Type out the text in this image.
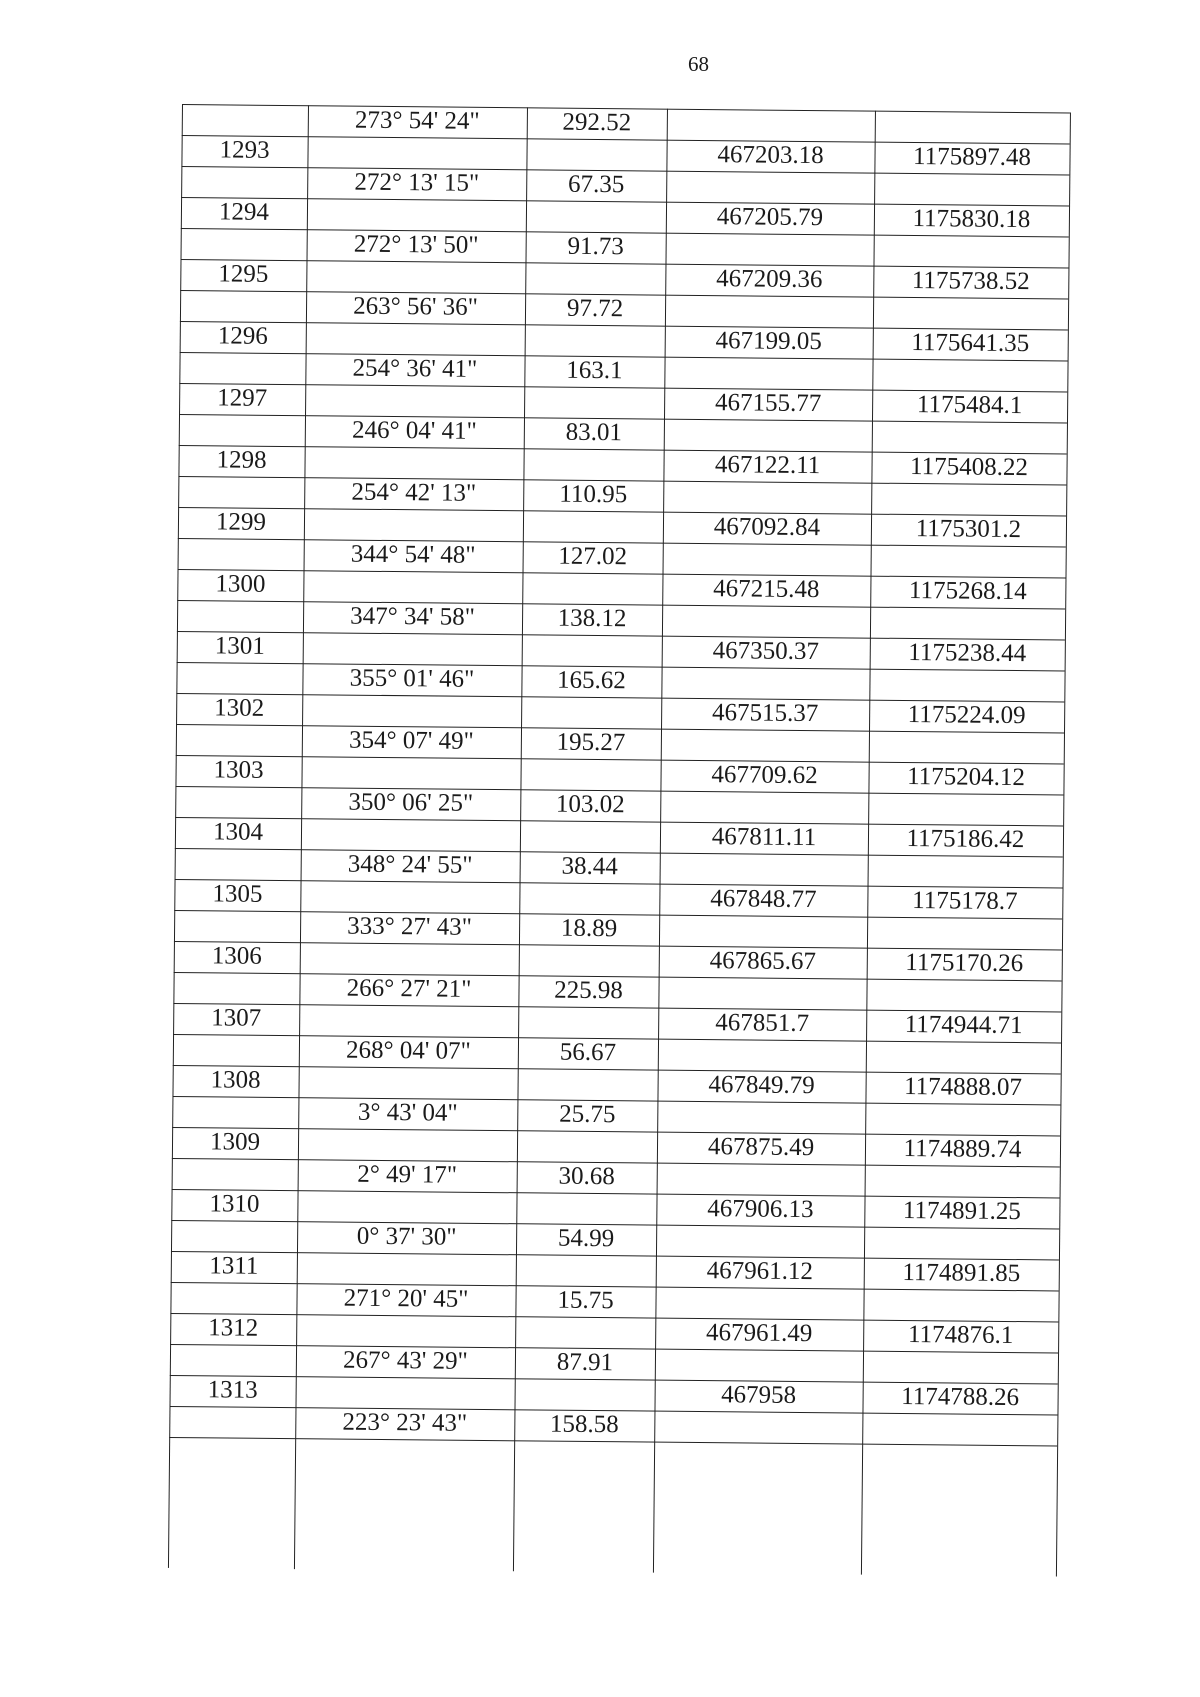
68
273° 54' 24"	292.52
1293	467203.18	1175897.48
272° 13' 15"	67.35
1294	467205.79	1175830.18
272° 13' 50"	91.73
1295	467209.36	1175738.52
263° 56' 36"	97.72
1296	467199.05	1175641.35
254° 36' 41"	163.1
1297	467155.77	1175484.1
246° 04' 41"	83.01
1298	467122.11	1175408.22
254° 42' 13"	110.95
1299	467092.84	1175301.2
344° 54' 48"	127.02
1300	467215.48	1175268.14
347° 34' 58"	138.12
1301	467350.37	1175238.44
355° 01' 46"	165.62
1302	467515.37	1175224.09
354° 07' 49"	195.27
1303	467709.62	1175204.12
350° 06' 25"	103.02
1304	467811.11	1175186.42
348° 24' 55"	38.44
1305	467848.77	1175178.7
333° 27' 43"	18.89
1306	467865.67	1175170.26
266° 27' 21"	225.98
1307	467851.7	1174944.71
268° 04' 07"	56.67
1308	467849.79	1174888.07
3° 43' 04"	25.75
1309	467875.49	1174889.74
2° 49' 17"	30.68
1310	467906.13	1174891.25
0° 37' 30"	54.99
1311	467961.12	1174891.85
271° 20' 45"	15.75
1312	467961.49	1174876.1
267° 43' 29"	87.91
1313	467958	1174788.26
223° 23' 43"	158.58
